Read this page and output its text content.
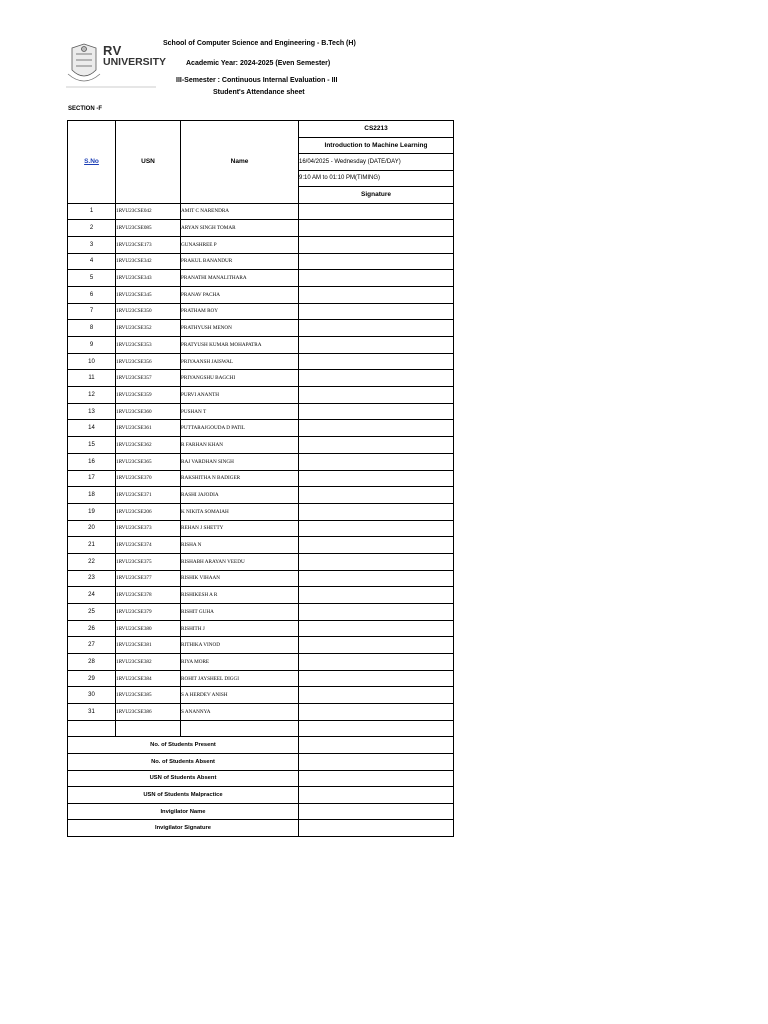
RV
UNIVERSITY
School of Computer Science and Engineering - B.Tech (H)
Academic Year: 2024-2025 (Even Semester)
III-Semester : Continuous Internal Evaluation - III
Student's Attendance sheet
SECTION -F
S.No	USN	Name	CS2213
			Introduction to Machine Learning
			16/04/2025 - Wednesday (DATE/DAY)
			9:10 AM to 01:10 PM(TIMING)
			Signature
1	1RVU23CSE042	AMIT C NARENDRA	
2	1RVU23CSE085	ARYAN SINGH TOMAR	
3	1RVU23CSE173	GUNASHREE P	
4	1RVU23CSE342	PRAKUL BANANDUR	
5	1RVU23CSE343	PRANATHI MANALITHARA	
6	1RVU23CSE345	PRANAV PACHA	
7	1RVU23CSE350	PRATHAM ROY	
8	1RVU23CSE352	PRATHYUSH MENON	
9	1RVU23CSE353	PRATYUSH KUMAR MOHAPATRA	
10	1RVU23CSE356	PRIYAANSH JAISWAL	
11	1RVU23CSE357	PRIYANGSHU BAGCHI	
12	1RVU23CSE359	PURVI ANANTH	
13	1RVU23CSE360	PUSHAN T	
14	1RVU23CSE361	PUTTARAJGOUDA D PATIL	
15	1RVU23CSE362	R FARHAN KHAN	
16	1RVU23CSE365	RAJ VARDHAN SINGH	
17	1RVU23CSE370	RAKSHITHA N BADIGER	
18	1RVU23CSE371	RASHI JAJODIA	
19	1RVU23CSE206	K NIKITA SOMAIAH	
20	1RVU23CSE373	REHAN J SHETTY	
21	1RVU23CSE374	RISHA N	
22	1RVU23CSE375	RISHABH ARAYAN VEEDU	
23	1RVU23CSE377	RISHIK VIHAAN	
24	1RVU23CSE378	RISHIKESH A R	
25	1RVU23CSE379	RISHIT GUHA	
26	1RVU23CSE380	RISHITH J	
27	1RVU23CSE381	RITHIKA VINOD	
28	1RVU23CSE382	RIYA MORE	
29	1RVU23CSE384	ROHIT JAYSHEEL DIGGI	
30	1RVU23CSE385	S A HERDEV ANISH	
31	1RVU23CSE386	S ANANNYA	

No. of Students Present			
No. of Students Absent			
USN of Students Absent			
USN of Students Malpractice			
Invigilator Name			
Invigilator Signature			
